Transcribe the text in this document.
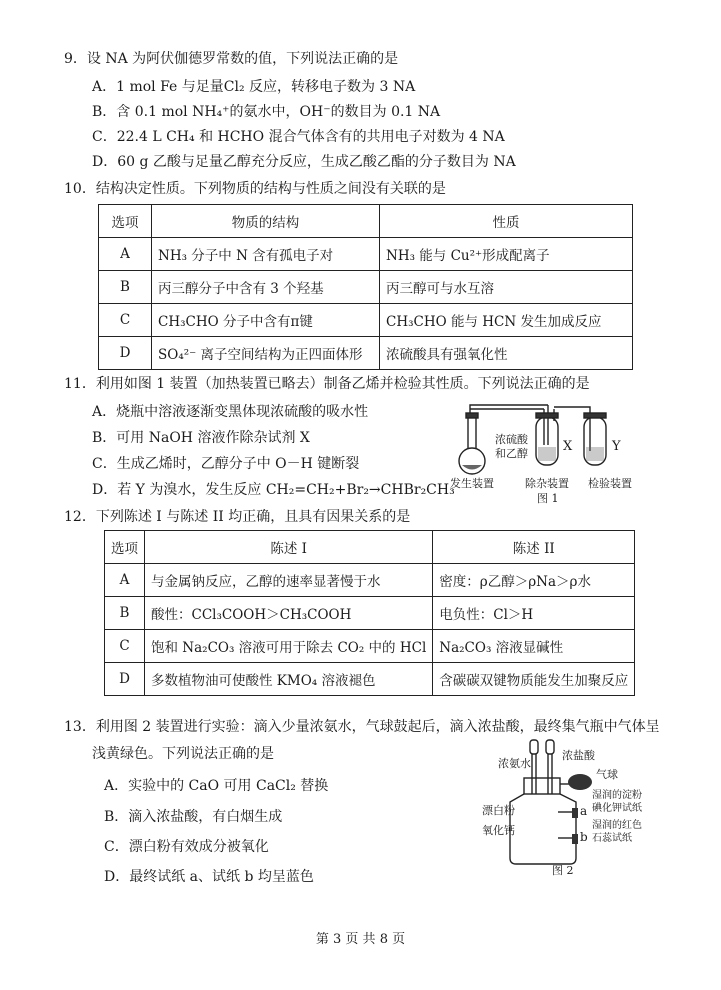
9．设 NA 为阿伏伽德罗常数的值，下列说法正确的是
A．1 mol Fe 与足量Cl₂ 反应，转移电子数为 3 NA
B．含 0.1 mol NH₄⁺的氨水中，OH⁻的数目为 0.1 NA
C．22.4 L CH₄ 和 HCHO 混合气体含有的共用电子对数为 4 NA
D．60 g 乙酸与足量乙醇充分反应，生成乙酸乙酯的分子数目为 NA
10．结构决定性质。下列物质的结构与性质之间没有关联的是
选项	物质的结构	性质
A	NH₃ 分子中 N 含有孤电子对	NH₃ 能与 Cu²⁺形成配离子
B	丙三醇分子中含有 3 个羟基	丙三醇可与水互溶
C	CH₃CHO 分子中含有π键	CH₃CHO 能与 HCN 发生加成反应
D	SO₄²⁻ 离子空间结构为正四面体形	浓硫酸具有强氧化性
11．利用如图 1 装置（加热装置已略去）制备乙烯并检验其性质。下列说法正确的是
A．烧瓶中溶液逐渐变黑体现浓硫酸的吸水性
B．可用 NaOH 溶液作除杂试剂 X
C．生成乙烯时，乙醇分子中 O－H 键断裂
D．若 Y 为溴水，发生反应 CH₂=CH₂+Br₂→CHBr₂CH₃
浓硫酸
和乙醇	X	Y
发生装置	除杂装置 检验装置
图 1
12．下列陈述 I 与陈述 II 均正确，且具有因果关系的是
选项	陈述 I	陈述 II
A	与金属钠反应，乙醇的速率显著慢于水	密度：ρ乙醇＞ρNa＞ρ水
B	酸性：CCl₃COOH＞CH₃COOH	电负性：Cl＞H
C	饱和 Na₂CO₃ 溶液可用于除去 CO₂ 中的 HCl	Na₂CO₃ 溶液显碱性
D	多数植物油可使酸性 KMO₄ 溶液褪色	含碳碳双键物质能发生加聚反应
13．利用图 2 装置进行实验：滴入少量浓氨水，气球鼓起后，滴入浓盐酸，最终集气瓶中气体呈
浅黄绿色。下列说法正确的是
A．实验中的 CaO 可用 CaCl₂ 替换
B．滴入浓盐酸，有白烟生成
C．漂白粉有效成分被氧化
D．最终试纸 a、试纸 b 均呈蓝色
浓氨水
浓盐酸
气球
漂白粉
氧化钙
a
b
湿润的淀粉
碘化钾试纸
湿润的红色
石蕊试纸
图 2
第 3 页 共 8 页
